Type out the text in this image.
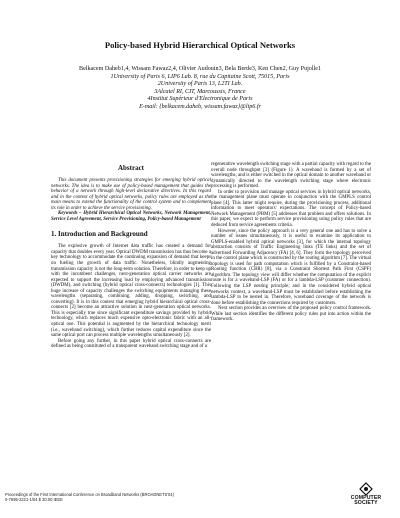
Policy-based Hybrid Hierarchical Optical Networks
Belkacem Daheb1,4, Wissam Fawaz2,4, Olivier Audouin3, Bela Berde3, Ken Chen2, Guy Pujolle1
1University of Paris 6, LIP6 Lab. 8, rue du Capitaine Scott, 75015, Paris
2University of Paris 13, L2TI Lab.
3Alcatel RI, CIT, Marcoussis, France
4Institut Supérieur d'Electronique de Paris
E-mail: {belkacem.daheb, wissam.fawaz}@lip6.fr
Abstract

This document presents provisioning strategies for emerging hybrid optical networks. The idea is to make use of policy-based management that guides the behavior of a network through high-level declarative directives. In this regard and in the context of hybrid optical networks, policy rules are employed as the main means to extend the functionality of the control system and to complement its role in order to achieve the service provisioning.

Keywords – Hybrid Hierarchical Optical Networks, Network Management, Service Level Agreement, Service Provisioning, Policy-based Management

1. Introduction and Background

The explosive growth of Internet data traffic has created a demand for capacity that doubles every year. Optical DWDM transmission has thus become a key technology to accommodate the continuing expansion of demand that keeps on fueling the growth of data traffic. Nonetheless, blindly augmenting transmission capacity is not the long-term solution. Therefore, in order to keep up with the incumbent challenges, next-generation optical carrier networks are expected to support the increasing load by employing advanced transmission (DWDM), and switching (hybrid optical cross-connects) technologies [1]. This huge increase of capacity challenges the switching equipments managing these wavelengths (separating, combining, adding, dropping, switching, and converting). It is in this context that emerging hybrid hierarchical optical cross-connects [2] become an attractive solution in next-generation optical networks. This is especially true since significant expenditure savings provided by hybrid technology, which replaces much expensive opto-electronic fabric with an all-optical one. This potential is augmented by the hierarchical technology merit (i.e., waveband switching), which further reduces capital expenditure since the same optical port can process multiple wavelengths simultaneously [2].

Before going any further, in this paper hybrid optical cross-connects are defined as being constituted of a transparent waveband switching stage and of a

regenerative wavelength switching stage with a partial capacity with regard to the overall node throughput [3] (Figure 1). A waveband is formed by a set of wavelengths, and is either switched in the optical domain to another waveband or dynamically directed to the wavelength switching stage where electronic processing is performed.

In order to provision and manage optical services in hybrid optical networks, the management plane must operate in conjunction with the GMPLS control plane [4]. This latter might require, during the provisioning process, additional information to meet operators' expectations. The concept of Policy-based Network Management (PBM) [5] addresses that problem and offers solutions. In this paper, we expect to perform service provisioning using policy rules that are deduced from service agreements criteria.

However, since the policy approach is a very general one and has to solve a number of issues simultaneously, it is useful to examine its application to GMPLS-enabled hybrid optical networks [3], for which the internal topology abstraction consists of Traffic Engineering links (TE links) and the set of advertised Forwarding Adjacency (FA) [4, 6]. They form the topology perceived in the control plane which is constructed by the routing algorithm [7]. The virtual topology is used for path computation which is fulfilled by a Constraint-based Routing function (CBR) [8], via a Constraint Shortest Path First (CSPF) algorithm. The topology view will differ whether the computation of the explicit route is for a waveband-LSP (FA) or for a lambda-LSP (customer connection). Following the LSP nesting principle; and in the considered hybrid optical networks context, a waveband-LSP must be established before establishing the lambda-LSP to be nested in. Therefore, waveband coverage of the network is done before establishing the connections required by customers.

Next section provides an overview of the proposed policy control framework. While last section identifies the different policy rules put into action within the framework.

Proceedings of the First International Conference on Broadband Networks (BROADNETS'04)
0-7695-2221-1/04 $ 20.00 IEEE	COMPUTER
SOCIETY
